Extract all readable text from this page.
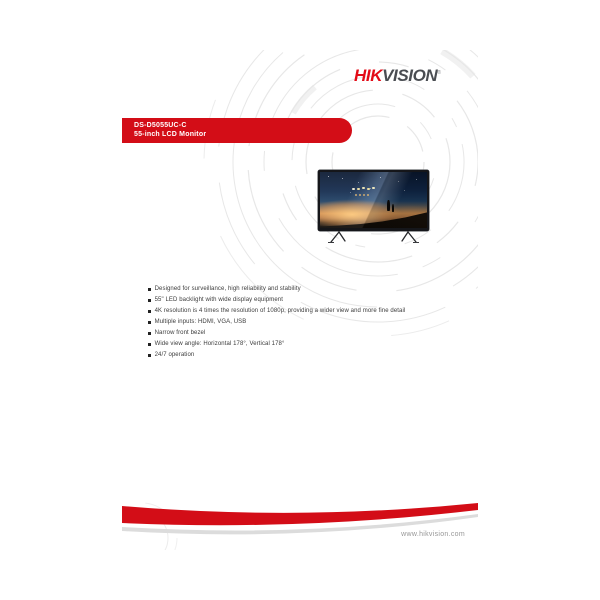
HIKVISION®
DS-D5055UC-C
55-inch LCD Monitor
Designed for surveillance, high reliability and stability
55" LED backlight with wide display equipment
4K resolution is 4 times the resolution of 1080p, providing a wider view and more fine detail
Multiple inputs: HDMI, VGA, USB
Narrow front bezel
Wide view angle: Horizontal 178°, Vertical 178°
24/7 operation
www.hikvision.com
